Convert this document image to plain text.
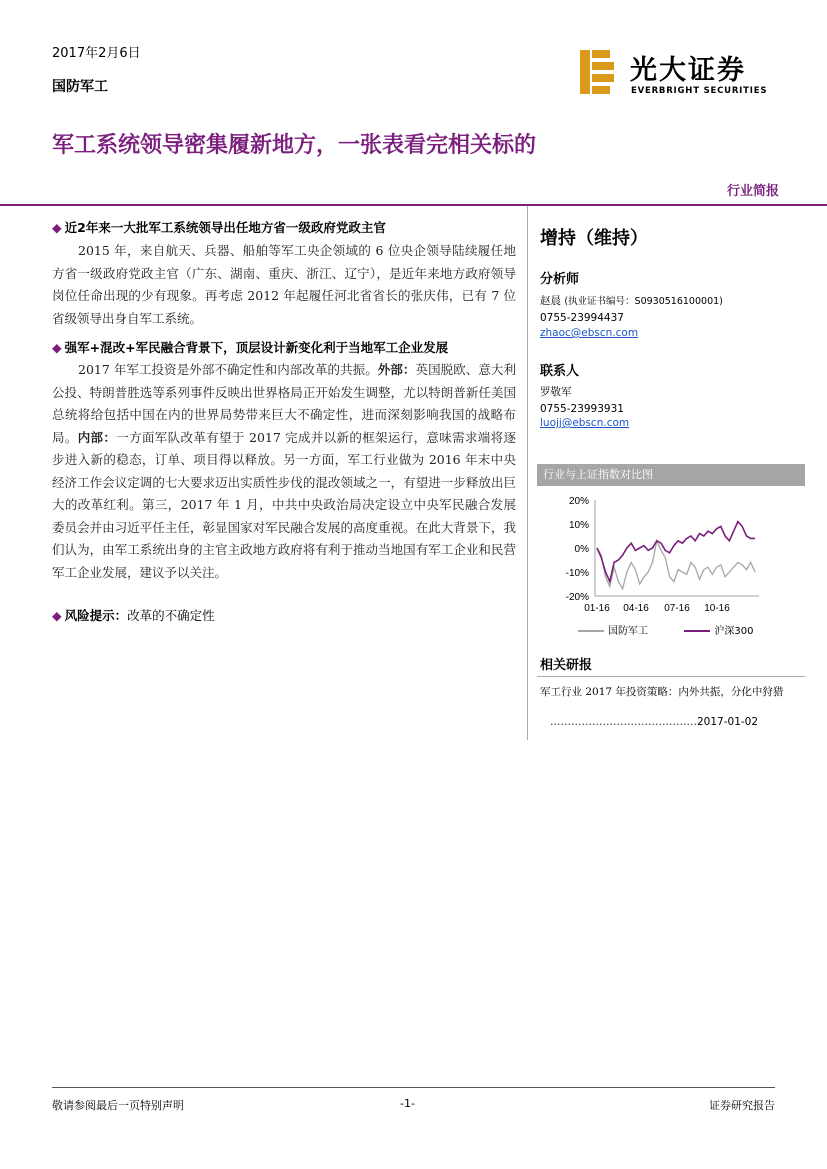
2017年2月6日
国防军工
光大证券
EVERBRIGHT SECURITIES
军工系统领导密集履新地方，一张表看完相关标的
行业简报
◆ 近2年来一大批军工系统领导出任地方省一级政府党政主官
2015 年，来自航天、兵器、船舶等军工央企领域的 6 位央企领导陆续履任地方省一级政府党政主官（广东、湖南、重庆、浙江、辽宁），是近年来地方政府领导岗位任命出现的少有现象。再考虑 2012 年起履任河北省省长的张庆伟，已有 7 位省级领导出身自军工系统。
◆ 强军+混改+军民融合背景下，顶层设计新变化利于当地军工企业发展
2017 年军工投资是外部不确定性和内部改革的共振。外部：英国脱欧、意大利公投、特朗普胜选等系列事件反映出世界格局正开始发生调整，尤以特朗普新任美国总统将给包括中国在内的世界局势带来巨大不确定性，进而深刻影响我国的战略布局。内部：一方面军队改革有望于 2017 完成并以新的框架运行，意味需求端将逐步进入新的稳态，订单、项目得以释放。另一方面，军工行业做为 2016 年末中央经济工作会议定调的七大要求迈出实质性步伐的混改领域之一，有望进一步释放出巨大的改革红利。第三，2017 年 1 月，中共中央政治局决定设立中央军民融合发展委员会并由习近平任主任，彰显国家对军民融合发展的高度重视。在此大背景下，我们认为，由军工系统出身的主官主政地方政府将有利于推动当地国有军工企业和民营军工企业发展，建议予以关注。
◆ 风险提示：改革的不确定性
增持（维持）
分析师
赵晨 (执业证书编号：S0930516100001)
0755-23994437
zhaoc@ebscn.com
联系人
罗敬军
0755-23993931
luojj@ebscn.com
行业与上证指数对比图
20%
10%
0%
-10%
-20%
01-16 04-16 07-16 10-16
国防军工	沪深300
相关研报
军工行业 2017 年投资策略：内外共振，分化中狩猎
……………………………………2017-01-02
敬请参阅最后一页特别声明	-1-	证券研究报告
